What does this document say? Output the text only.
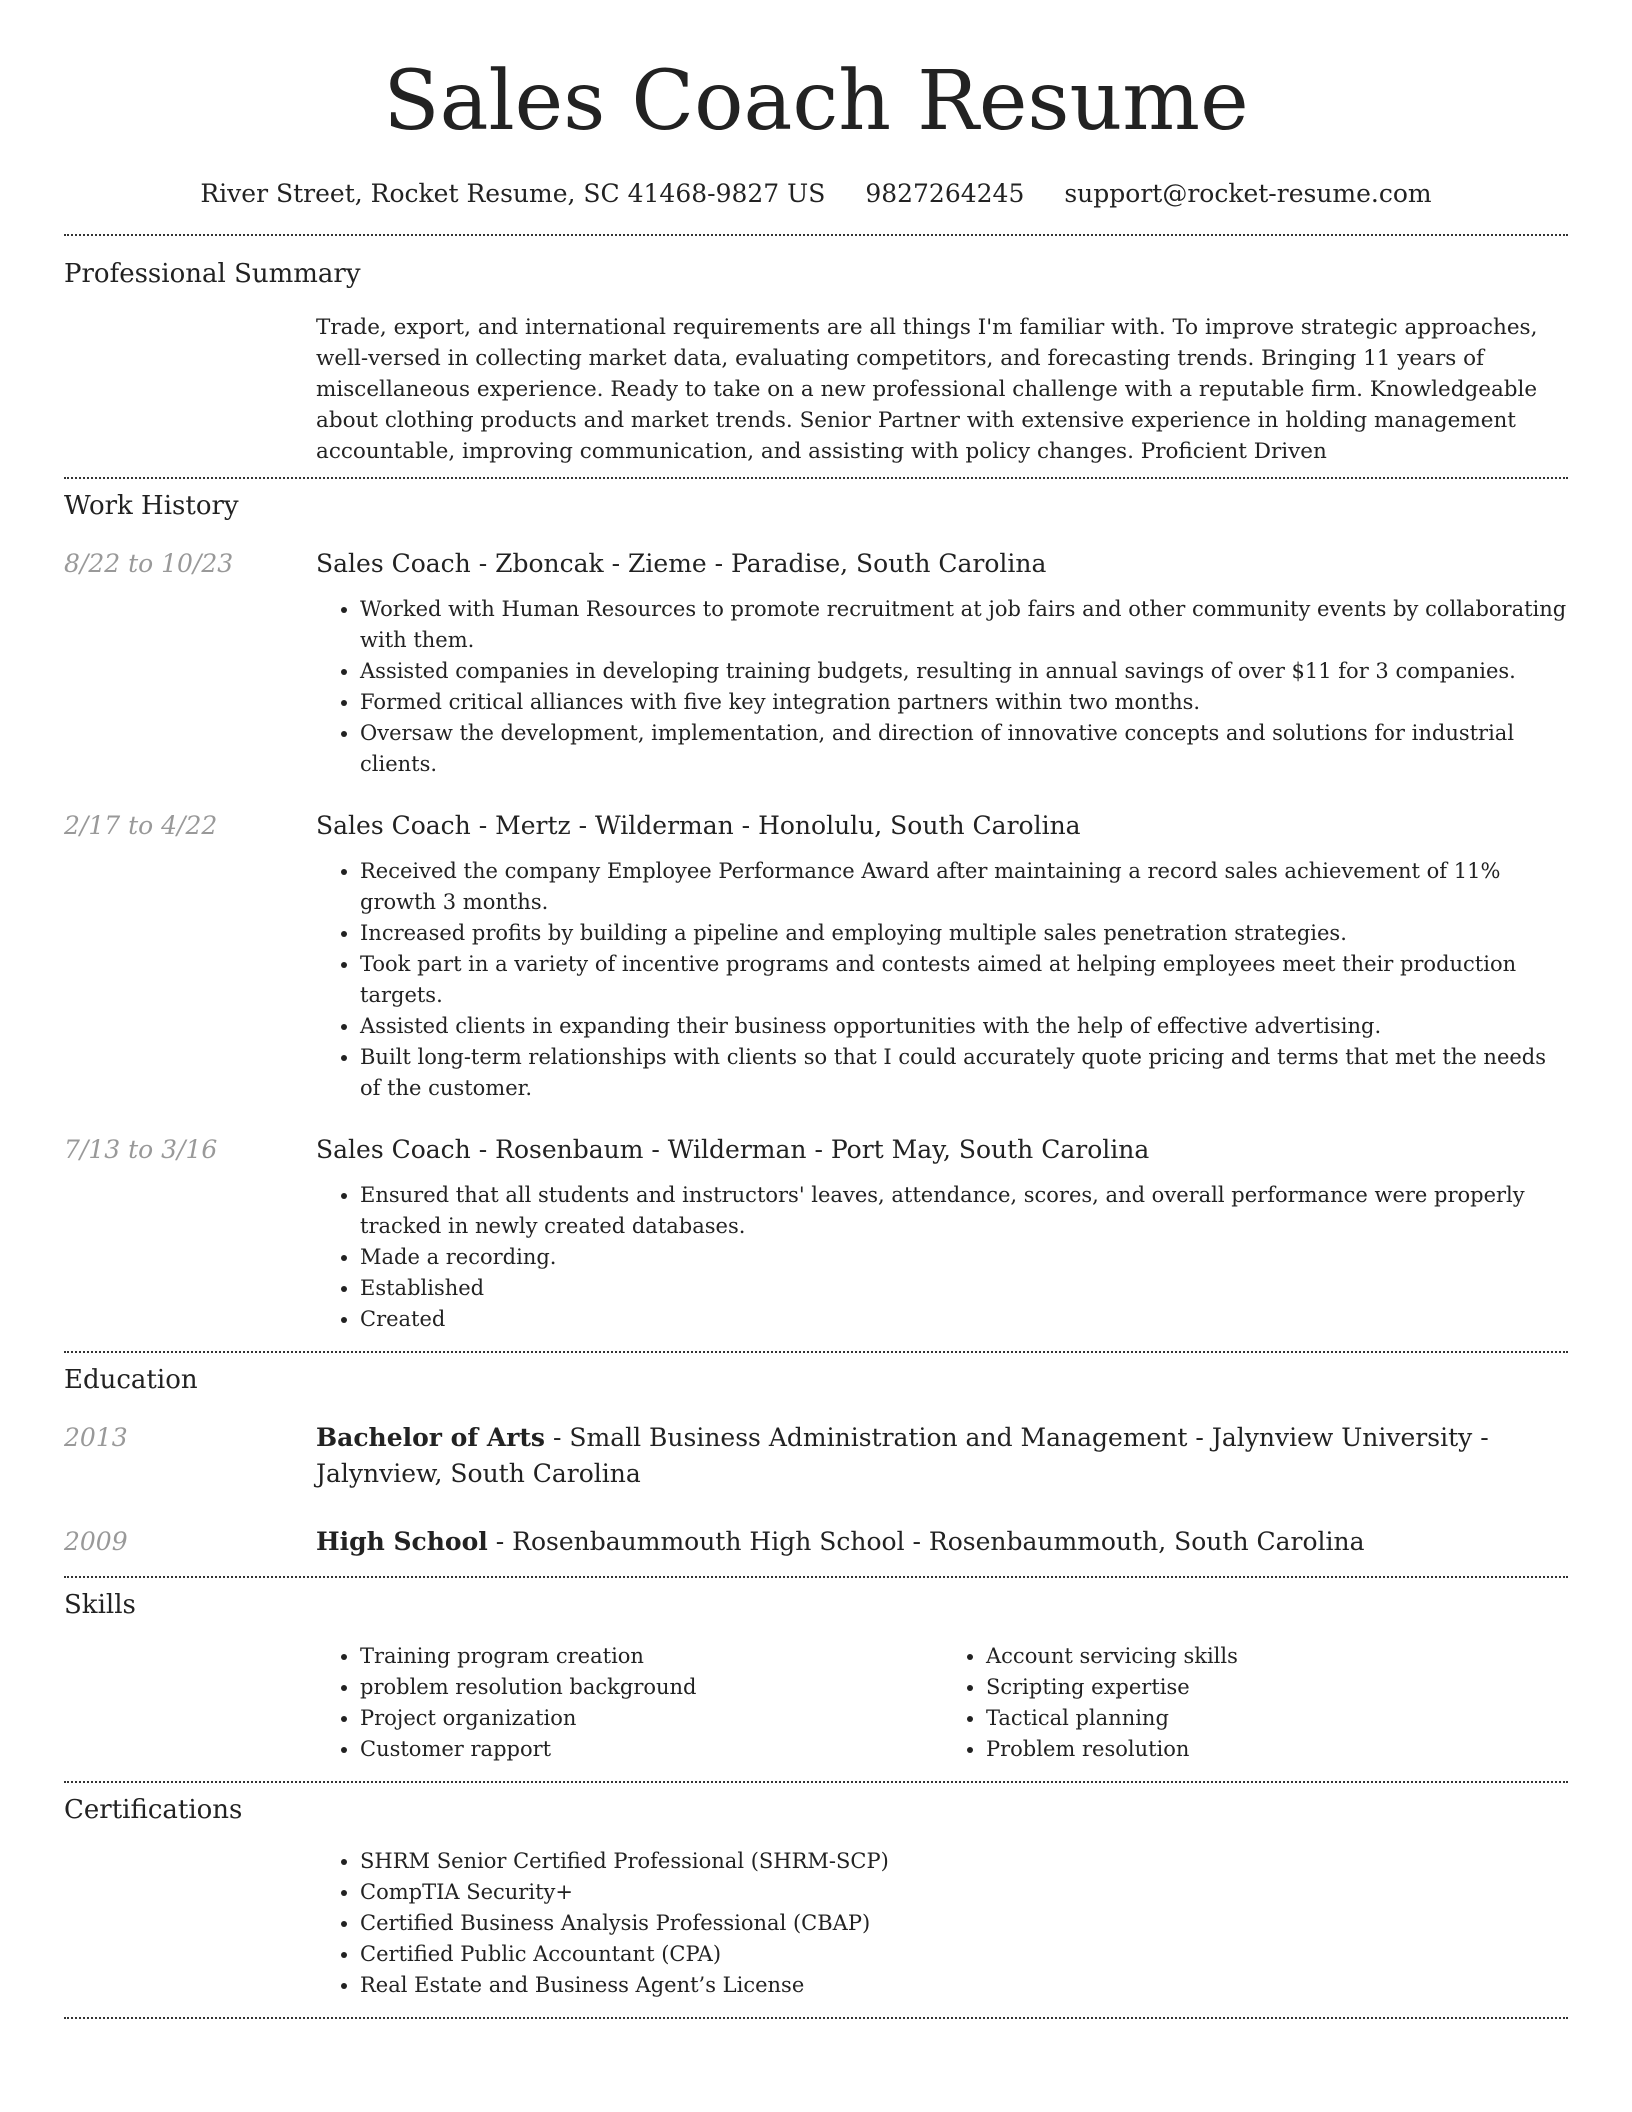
Sales Coach Resume
River Street, Rocket Resume, SC 41468-9827 US 9827264245 support@rocket-resume.com
Professional Summary
Trade, export, and international requirements are all things I'm familiar with. To improve strategic approaches, well-versed in collecting market data, evaluating competitors, and forecasting trends. Bringing 11 years of miscellaneous experience. Ready to take on a new professional challenge with a reputable firm. Knowledgeable about clothing products and market trends. Senior Partner with extensive experience in holding management accountable, improving communication, and assisting with policy changes. Proficient Driven
Work History
8/22 to 10/23	Sales Coach - Zboncak - Zieme - Paradise, South Carolina
• Worked with Human Resources to promote recruitment at job fairs and other community events by collaborating with them.
• Assisted companies in developing training budgets, resulting in annual savings of over $11 for 3 companies.
• Formed critical alliances with five key integration partners within two months.
• Oversaw the development, implementation, and direction of innovative concepts and solutions for industrial clients.
2/17 to 4/22	Sales Coach - Mertz - Wilderman - Honolulu, South Carolina
• Received the company Employee Performance Award after maintaining a record sales achievement of 11% growth 3 months.
• Increased profits by building a pipeline and employing multiple sales penetration strategies.
• Took part in a variety of incentive programs and contests aimed at helping employees meet their production targets.
• Assisted clients in expanding their business opportunities with the help of effective advertising.
• Built long-term relationships with clients so that I could accurately quote pricing and terms that met the needs of the customer.
7/13 to 3/16	Sales Coach - Rosenbaum - Wilderman - Port May, South Carolina
• Ensured that all students and instructors' leaves, attendance, scores, and overall performance were properly tracked in newly created databases.
• Made a recording.
• Established
• Created
Education
2013	Bachelor of Arts - Small Business Administration and Management - Jalynview University - Jalynview, South Carolina
2009	High School - Rosenbaummouth High School - Rosenbaummouth, South Carolina
Skills
• Training program creation
• problem resolution background
• Project organization
• Customer rapport
• Account servicing skills
• Scripting expertise
• Tactical planning
• Problem resolution
Certifications
• SHRM Senior Certified Professional (SHRM-SCP)
• CompTIA Security+
• Certified Business Analysis Professional (CBAP)
• Certified Public Accountant (CPA)
• Real Estate and Business Agent’s License
